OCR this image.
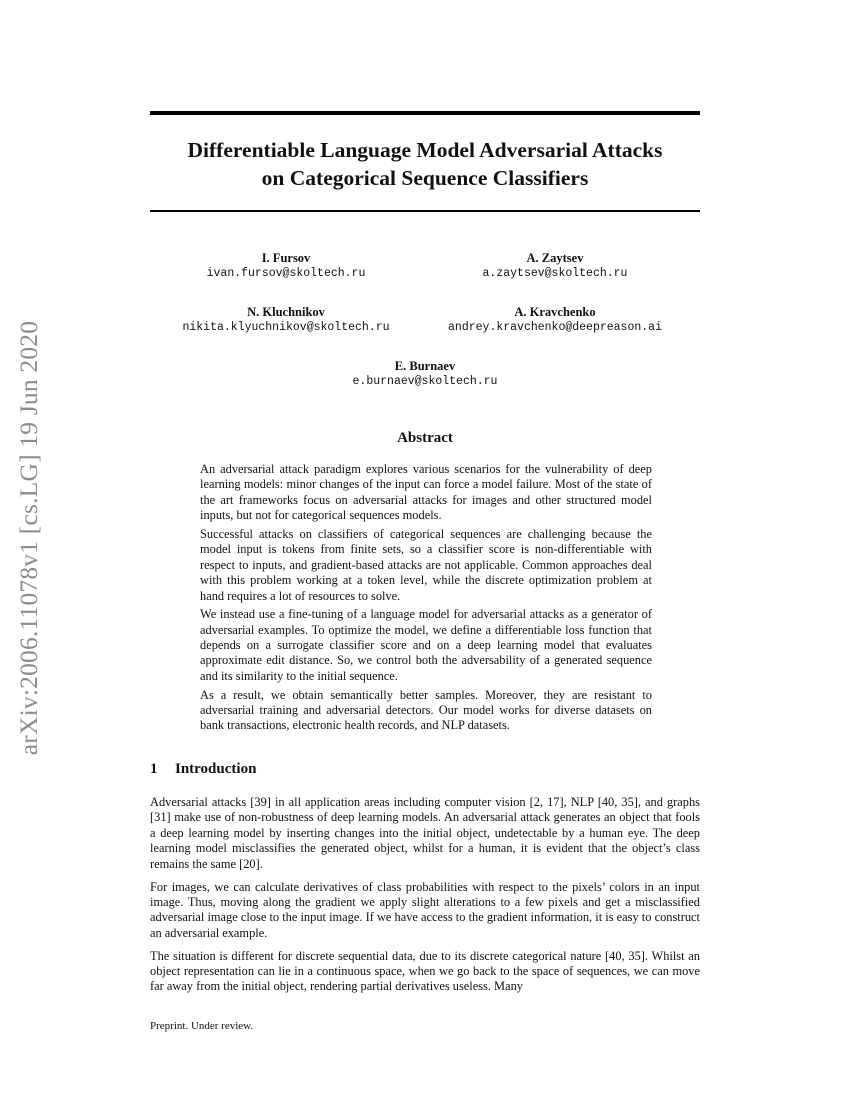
arXiv:2006.11078v1 [cs.LG] 19 Jun 2020
Differentiable Language Model Adversarial Attacks
on Categorical Sequence Classifiers
I. Fursov
ivan.fursov@skoltech.ru
A. Zaytsev
a.zaytsev@skoltech.ru
N. Kluchnikov
nikita.klyuchnikov@skoltech.ru
A. Kravchenko
andrey.kravchenko@deepreason.ai
E. Burnaev
e.burnaev@skoltech.ru
Abstract

An adversarial attack paradigm explores various scenarios for the vulnerability of deep learning models: minor changes of the input can force a model failure. Most of the state of the art frameworks focus on adversarial attacks for images and other structured model inputs, but not for categorical sequences models.

Successful attacks on classifiers of categorical sequences are challenging because the model input is tokens from finite sets, so a classifier score is non-differentiable with respect to inputs, and gradient-based attacks are not applicable. Common approaches deal with this problem working at a token level, while the discrete optimization problem at hand requires a lot of resources to solve.

We instead use a fine-tuning of a language model for adversarial attacks as a generator of adversarial examples. To optimize the model, we define a differentiable loss function that depends on a surrogate classifier score and on a deep learning model that evaluates approximate edit distance. So, we control both the adversability of a generated sequence and its similarity to the initial sequence.

As a result, we obtain semantically better samples. Moreover, they are resistant to adversarial training and adversarial detectors. Our model works for diverse datasets on bank transactions, electronic health records, and NLP datasets.

1 Introduction

Adversarial attacks [39] in all application areas including computer vision [2, 17], NLP [40, 35], and graphs [31] make use of non-robustness of deep learning models. An adversarial attack generates an object that fools a deep learning model by inserting changes into the initial object, undetectable by a human eye. The deep learning model misclassifies the generated object, whilst for a human, it is evident that the object’s class remains the same [20].

For images, we can calculate derivatives of class probabilities with respect to the pixels’ colors in an input image. Thus, moving along the gradient we apply slight alterations to a few pixels and get a misclassified adversarial image close to the input image. If we have access to the gradient information, it is easy to construct an adversarial example.

The situation is different for discrete sequential data, due to its discrete categorical nature [40, 35]. Whilst an object representation can lie in a continuous space, when we go back to the space of sequences, we can move far away from the initial object, rendering partial derivatives useless. Many

Preprint. Under review.
